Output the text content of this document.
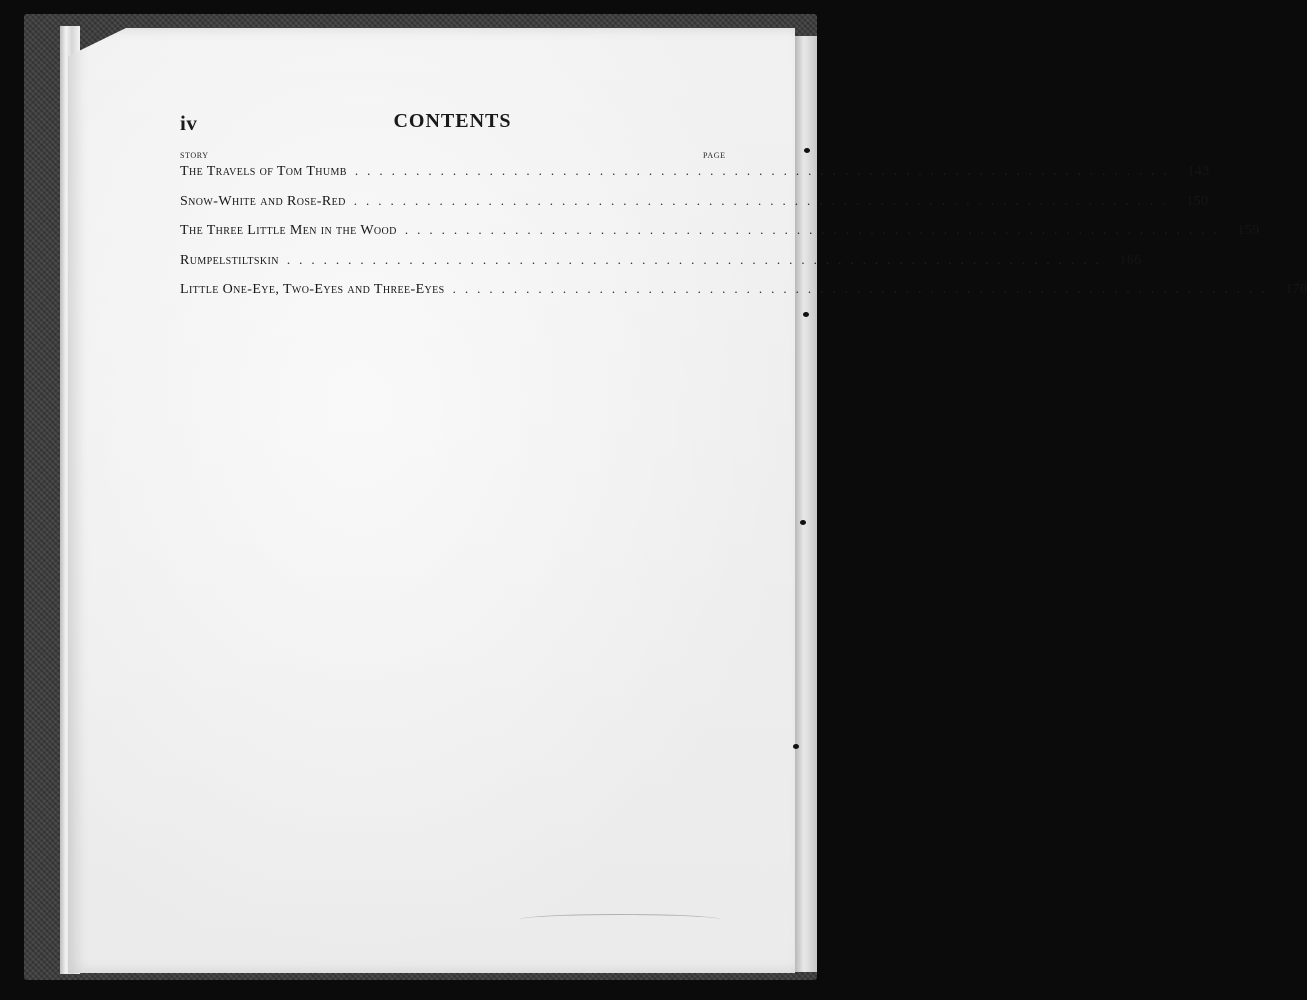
iv	CONTENTS
STORY	PAGE
The Travels of Tom Thumb ................................................................... 143
Snow-White and Rose-Red ................................................................... 150
The Three Little Men in the Wood ................................................................... 159
Rumpelstiltskin ................................................................... 166
Little One-Eye, Two-Eyes and Three-Eyes ................................................................... 170
